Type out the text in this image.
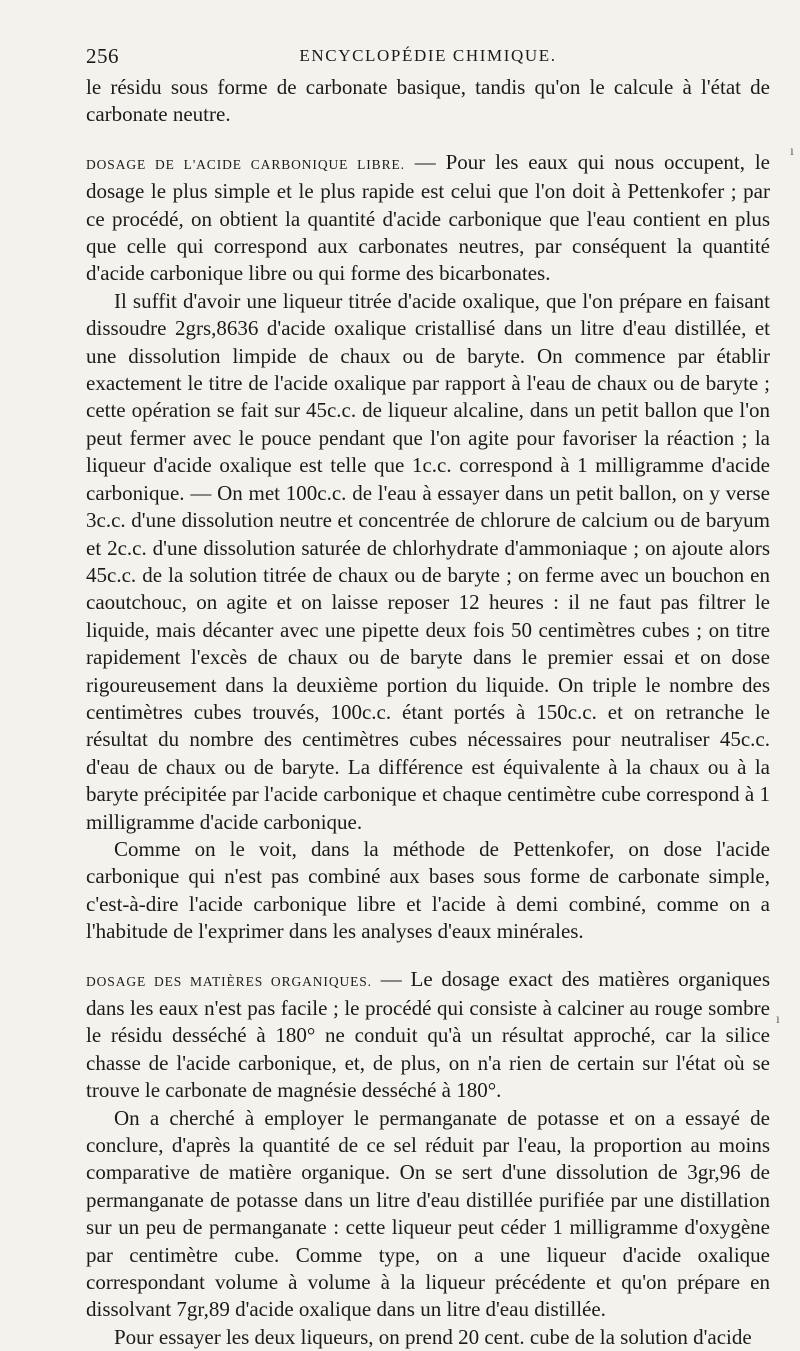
256	ENCYCLOPÉDIE CHIMIQUE.

le résidu sous forme de carbonate basique, tandis qu'on le calcule à l'état de carbonate neutre.

DOSAGE DE L'ACIDE CARBONIQUE LIBRE. — Pour les eaux qui nous occupent, le dosage le plus simple et le plus rapide est celui que l'on doit à Pettenkofer ; par ce procédé, on obtient la quantité d'acide carbonique que l'eau contient en plus que celle qui correspond aux carbonates neutres, par conséquent la quantité d'acide carbonique libre ou qui forme des bicarbonates.

Il suffit d'avoir une liqueur titrée d'acide oxalique, que l'on prépare en faisant dissoudre 2grs,8636 d'acide oxalique cristallisé dans un litre d'eau distillée, et une dissolution limpide de chaux ou de baryte. On commence par établir exactement le titre de l'acide oxalique par rapport à l'eau de chaux ou de baryte ; cette opération se fait sur 45c.c. de liqueur alcaline, dans un petit ballon que l'on peut fermer avec le pouce pendant que l'on agite pour favoriser la réaction ; la liqueur d'acide oxalique est telle que 1c.c. correspond à 1 milligramme d'acide carbonique. — On met 100c.c. de l'eau à essayer dans un petit ballon, on y verse 3c.c. d'une dissolution neutre et concentrée de chlorure de calcium ou de baryum et 2c.c. d'une dissolution saturée de chlorhydrate d'ammoniaque ; on ajoute alors 45c.c. de la solution titrée de chaux ou de baryte ; on ferme avec un bouchon en caoutchouc, on agite et on laisse reposer 12 heures : il ne faut pas filtrer le liquide, mais décanter avec une pipette deux fois 50 centimètres cubes ; on titre rapidement l'excès de chaux ou de baryte dans le premier essai et on dose rigoureusement dans la deuxième portion du liquide. On triple le nombre des centimètres cubes trouvés, 100c.c. étant portés à 150c.c. et on retranche le résultat du nombre des centimètres cubes nécessaires pour neutraliser 45c.c. d'eau de chaux ou de baryte. La différence est équivalente à la chaux ou à la baryte précipitée par l'acide carbonique et chaque centimètre cube correspond à 1 milligramme d'acide carbonique.

Comme on le voit, dans la méthode de Pettenkofer, on dose l'acide carbonique qui n'est pas combiné aux bases sous forme de carbonate simple, c'est-à-dire l'acide carbonique libre et l'acide à demi combiné, comme on a l'habitude de l'exprimer dans les analyses d'eaux minérales.

DOSAGE DES MATIÈRES ORGANIQUES. — Le dosage exact des matières organiques dans les eaux n'est pas facile ; le procédé qui consiste à calciner au rouge sombre le résidu desséché à 180° ne conduit qu'à un résultat approché, car la silice chasse de l'acide carbonique, et, de plus, on n'a rien de certain sur l'état où se trouve le carbonate de magnésie desséché à 180°.

On a cherché à employer le permanganate de potasse et on a essayé de conclure, d'après la quantité de ce sel réduit par l'eau, la proportion au moins comparative de matière organique. On se sert d'une dissolution de 3gr,96 de permanganate de potasse dans un litre d'eau distillée purifiée par une distillation sur un peu de permanganate : cette liqueur peut céder 1 milligramme d'oxygène par centimètre cube. Comme type, on a une liqueur d'acide oxalique correspondant volume à volume à la liqueur précédente et qu'on prépare en dissolvant 7gr,89 d'acide oxalique dans un litre d'eau distillée.

Pour essayer les deux liqueurs, on prend 20 cent. cube de la solution d'acide

ı
ı
